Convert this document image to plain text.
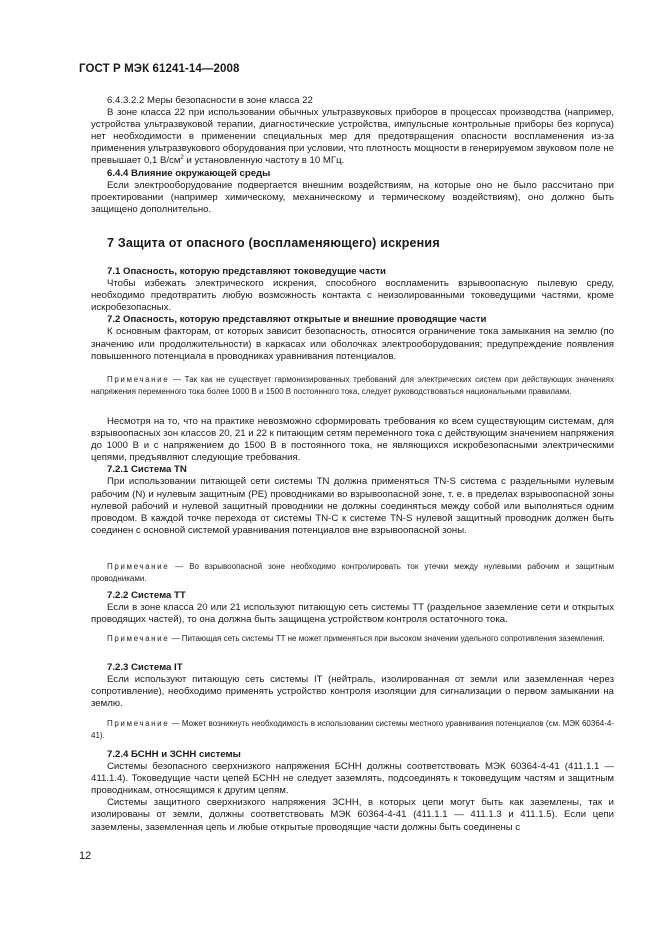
ГОСТ Р МЭК 61241-14—2008

6.4.3.2.2 Меры безопасности в зоне класса 22

В зоне класса 22 при использовании обычных ультразвуковых приборов в процессах производства (например, устройства ультразвуковой терапии, диагностические устройства, импульсные контрольные приборы без корпуса) нет необходимости в применении специальных мер для предотвращения опасности воспламенения из-за применения ультразвукового оборудования при условии, что плотность мощности в генерируемом звуковом поле не превышает 0,1 $В/см^2$ и установленную частоту в 10 МГц.

6.4.4 Влияние окружающей среды

Если электрооборудование подвергается внешним воздействиям, на которые оно не было рассчитано при проектировании (например химическому, механическому и термическому воздействиям), оно должно быть защищено дополнительно.

7 Защита от опасного (воспламеняющего) искрения

7.1 Опасность, которую представляют токоведущие части

Чтобы избежать электрического искрения, способного воспламенить взрывоопасную пылевую среду, необходимо предотвратить любую возможность контакта с неизолированными токоведущими частями, кроме искробезопасных.

7.2 Опасность, которую представляют открытые и внешние проводящие части

К основным факторам, от которых зависит безопасность, относятся ограничение тока замыкания на землю (по значению или продолжительности) в каркасах или оболочках электрооборудования; предупреждение появления повышенного потенциала в проводниках уравнивания потенциалов.

Примечание — Так как не существует гармонизированных требований для электрических систем при действующих значениях напряжения переменного тока более 1000 В и 1500 В постоянного тока, следует руководствоваться национальными правилами.

Несмотря на то, что на практике невозможно сформировать требования ко всем существующим системам, для взрывоопасных зон классов 20, 21 и 22 к питающим сетям переменного тока с действующим значением напряжения до 1000 В и с напряжением до 1500 В в постоянного тока, не являющихся искробезопасными электрическими цепями, предъявляют следующие требования.

7.2.1 Система TN

При использовании питающей сети системы TN должна применяться TN-S система с раздельными нулевым рабочим (N) и нулевым защитным (PE) проводниками во взрывоопасной зоне, т. е. в пределах взрывоопасной зоны нулевой рабочий и нулевой защитный проводники не должны соединяться между собой или выполняться одним проводом. В каждой точке перехода от системы TN-C к системе TN-S нулевой защитный проводник должен быть соединен с основной системой уравнивания потенциалов вне взрывоопасной зоны.

Примечание — Во взрывоопасной зоне необходимо контролировать ток утечки между нулевыми рабочим и защитным проводниками.

7.2.2 Система TT

Если в зоне класса 20 или 21 используют питающую сеть системы TT (раздельное заземление сети и открытых проводящих частей), то она должна быть защищена устройством контроля остаточного тока.

Примечание — Питающая сеть системы TT не может применяться при высоком значении удельного сопротивления заземления.

7.2.3 Система IT

Если используют питающую сеть системы IT (нейтраль, изолированная от земли или заземленная через сопротивление), необходимо применять устройство контроля изоляции для сигнализации о первом замыкании на землю.

Примечание — Может возникнуть необходимость в использовании системы местного уравнивания потенциалов (см. МЭК 60364-4-41).

7.2.4 БСНН и ЗСНН системы

Системы безопасного сверхнизкого напряжения БСНН должны соответствовать МЭК 60364-4-41 (411.1.1 — 411.1.4). Токоведущие части цепей БСНН не следует заземлять, подсоединять к токоведущим частям и защитным проводникам, относящимся к другим цепям.

Системы защитного сверхнизкого напряжения ЗСНН, в которых цепи могут быть как заземлены, так и изолированы от земли, должны соответствовать МЭК 60364-4-41 (411.1.1 — 411.1.3 и 411.1.5). Если цепи заземлены, заземленная цепь и любые открытые проводящие части должны быть соединены с

12
